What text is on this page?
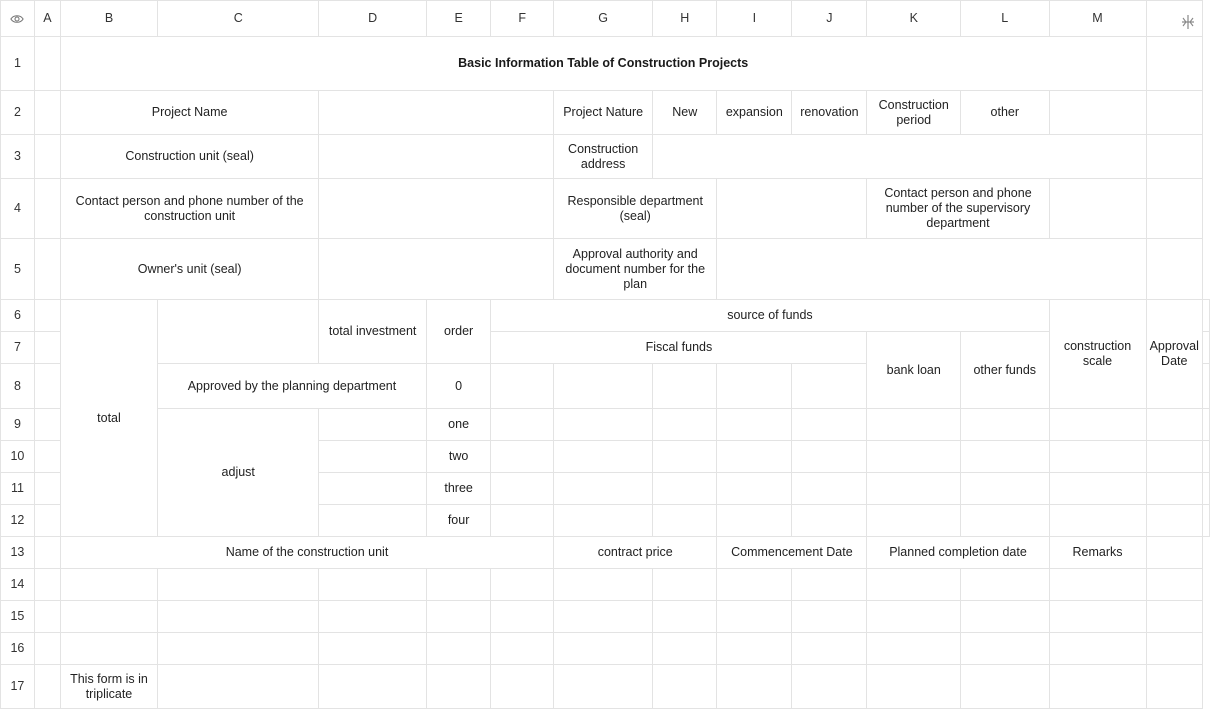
	A	B	C	D	E	F	G	H	I	J	K	L	M		
1		Basic Information Table of Construction Projects													
2		Project Name					Project Nature	New	expansion	renovation	Construction period	other			
3		Construction unit (seal)					Construction address								
4		Contact person and phone number of the construction unit					Responsible department (seal)				Contact person and phone number of the supervisory department				
5		Owner's unit (seal)					Approval authority and document number for the plan								
6		total		total investment	order	source of funds							construction scale	Approval Date	
7						Fiscal funds					bank loan	other funds			
8			Approved by the planning department		0										
9			adjust		one										
10					two										
11					three										
12					four										
13		Name of the construction unit					contract price		Commencement Date		Planned completion date		Remarks		
14															
15															
16															
17		This form is in triplicate													
